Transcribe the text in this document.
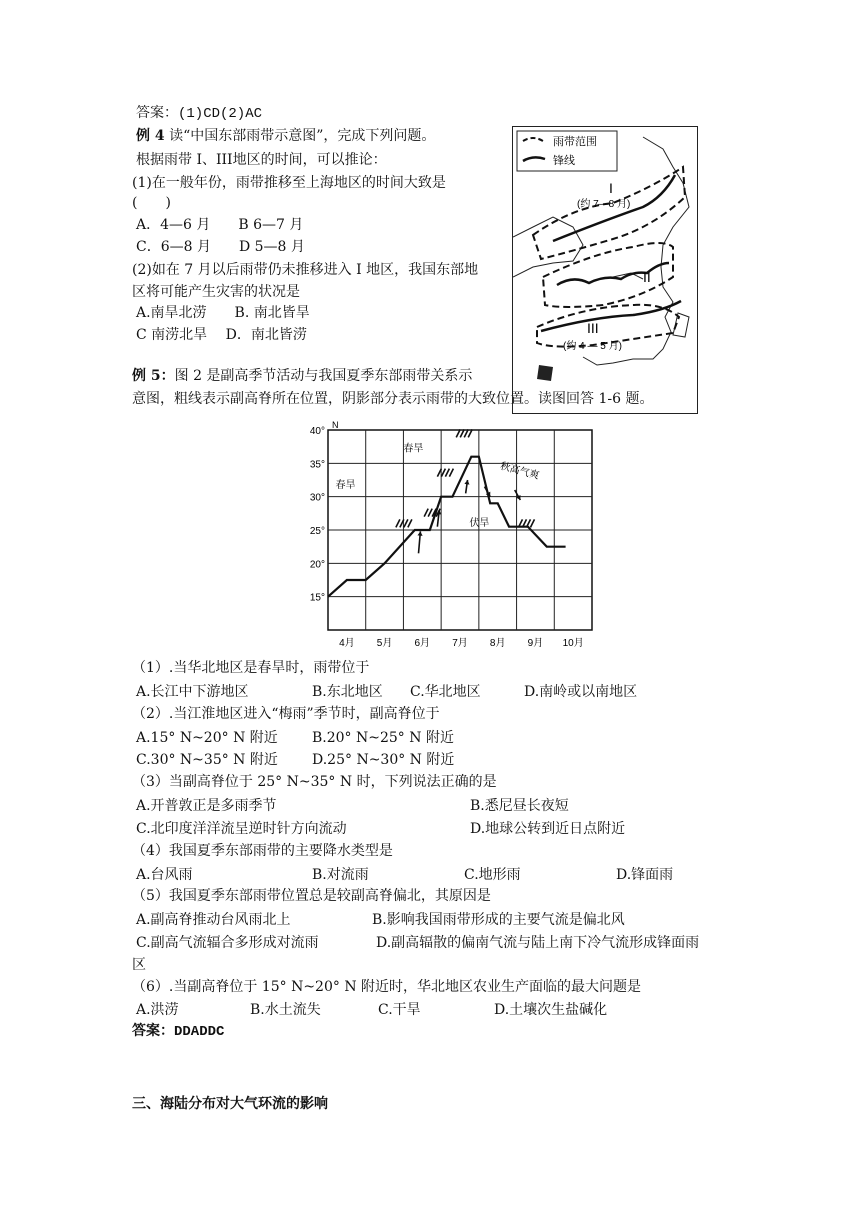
答案：(1)CD(2)AC
例 4 读“中国东部雨带示意图”，完成下列问题。
根据雨带 I、III地区的时间，可以推论：
(1)在一般年份，雨带推移至上海地区的时间大致是
(　　)
A．4—6 月　　B 6—7 月
C．6—8 月　　D 5—8 月
(2)如在 7 月以后雨带仍未推移进入 I 地区，我国东部地
区将可能产生灾害的状况是
A.南旱北涝　　B. 南北皆旱
C 南涝北旱　 D．南北皆涝
雨带范围
锋线
I
(约 7—8 月)
II
III
(约 4 — 5 月)
例 5：图 2 是副高季节活动与我国夏季东部雨带关系示
意图，粗线表示副高脊所在位置，阴影部分表示雨带的大致位置。读图回答 1-6 题。
N
40°
35°
30°
25°
20°
15°
4月 5月 6月 7月 8月 9月 10月
春旱
春旱
伏旱
秋高气爽
（1）.当华北地区是春旱时，雨带位于
A.长江中下游地区	B.东北地区 C.华北地区	D.南岭或以南地区
（2）.当江淮地区进入“梅雨”季节时，副高脊位于
A.15° N~20° N 附近 B.20° N~25° N 附近
C.30° N~35° N 附近 D.25° N~30° N 附近
（3）当副高脊位于 25° N~35° N 时，下列说法正确的是
A.开普敦正是多雨季节	B.悉尼昼长夜短
C.北印度洋洋流呈逆时针方向流动	D.地球公转到近日点附近
（4）我国夏季东部雨带的主要降水类型是
A.台风雨	B.对流雨	C.地形雨	D.锋面雨
（5）我国夏季东部雨带位置总是较副高脊偏北，其原因是
A.副高脊推动台风雨北上	B.影响我国雨带形成的主要气流是偏北风
C.副高气流辐合多形成对流雨	D.副高辐散的偏南气流与陆上南下冷气流形成锋面雨
区
（6）.当副高脊位于 15° N~20° N 附近时，华北地区农业生产面临的最大问题是
A.洪涝	B.水土流失	C.干旱	D.土壤次生盐碱化
答案：DDADDC
三、海陆分布对大气环流的影响
